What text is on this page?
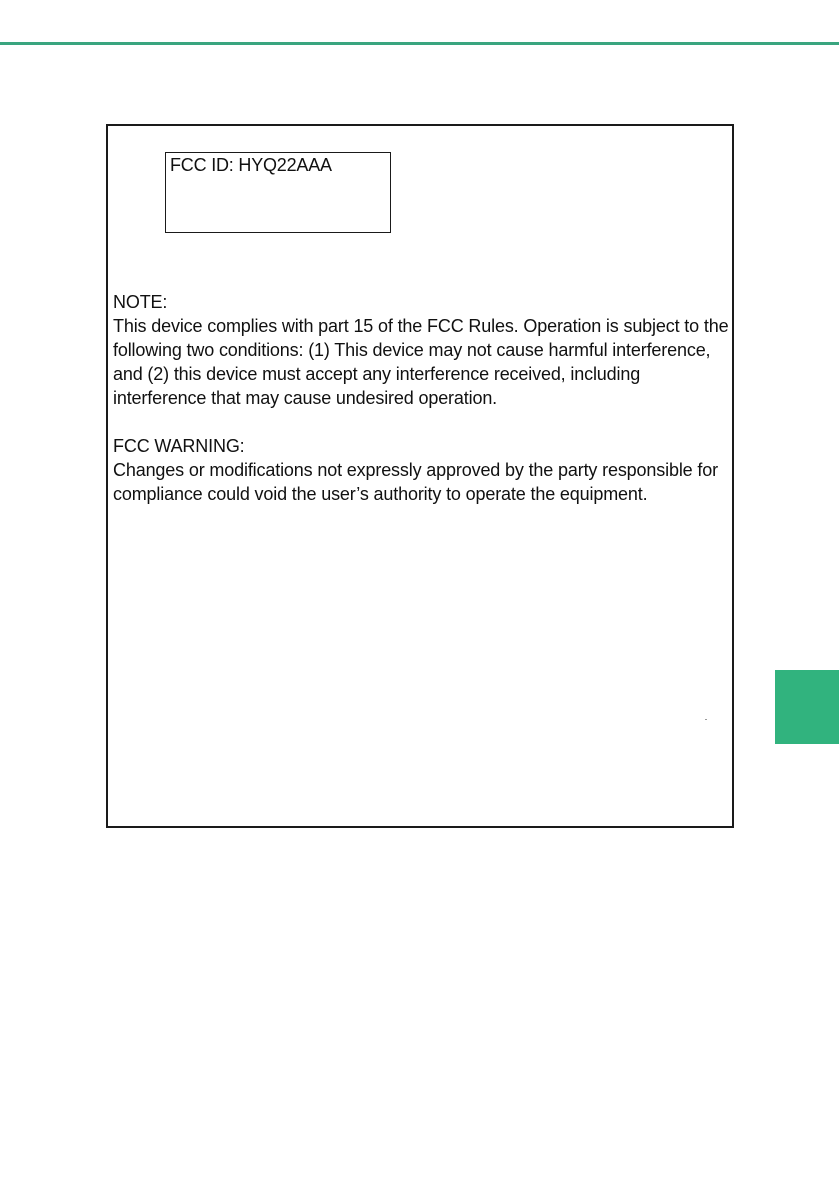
FCC ID: HYQ22AAA

NOTE:

This device complies with part 15 of the FCC Rules. Operation is subject to the following two conditions: (1) This device may not cause harmful interference, and (2) this device must accept any interference received, including interference that may cause undesired operation.

FCC WARNING:

Changes or modifications not expressly approved by the party responsible for compliance could void the user’s authority to operate the equipment.
